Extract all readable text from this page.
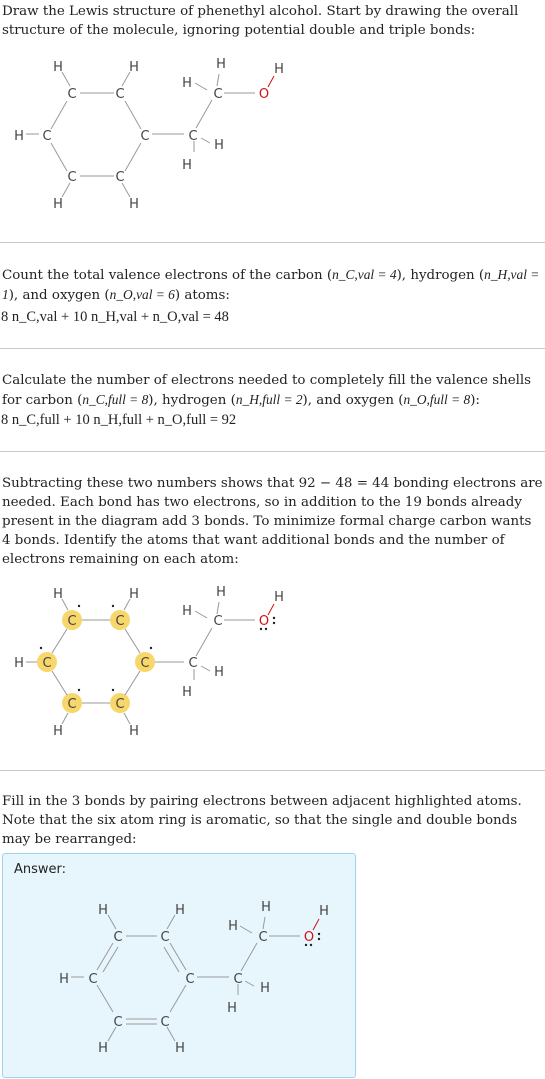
Draw the Lewis structure of phenethyl alcohol. Start by drawing the overall structure of the molecule, ignoring potential double and triple bonds:
C	C
C
C
C
C
H	H
H
H	H
C
H
H
C
H
H
O
H
Count the total valence electrons of the carbon (n_C,val = 4), hydrogen (n_H,val = 1), and oxygen (n_O,val = 6) atoms:
8 n_C,val + 10 n_H,val + n_O,val = 48
Calculate the number of electrons needed to completely fill the valence shells for carbon (n_C,full = 8), hydrogen (n_H,full = 2), and oxygen (n_O,full = 8):
8 n_C,full + 10 n_H,full + n_O,full = 92
Subtracting these two numbers shows that 92 − 48 = 44 bonding electrons are needed. Each bond has two electrons, so in addition to the 19 bonds already present in the diagram add 3 bonds. To minimize formal charge carbon wants 4 bonds. Identify the atoms that want additional bonds and the number of electrons remaining on each atom:
C	C
C
C
C
C
H	H
H
H	H
C
H
H
C
H
H
O
H
Fill in the 3 bonds by pairing electrons between adjacent highlighted atoms. Note that the six atom ring is aromatic, so that the single and double bonds may be rearranged:
Answer:
C	C
C
C
C
C
H	H
H
H	H
C
H
H
C
H
H
O
H
